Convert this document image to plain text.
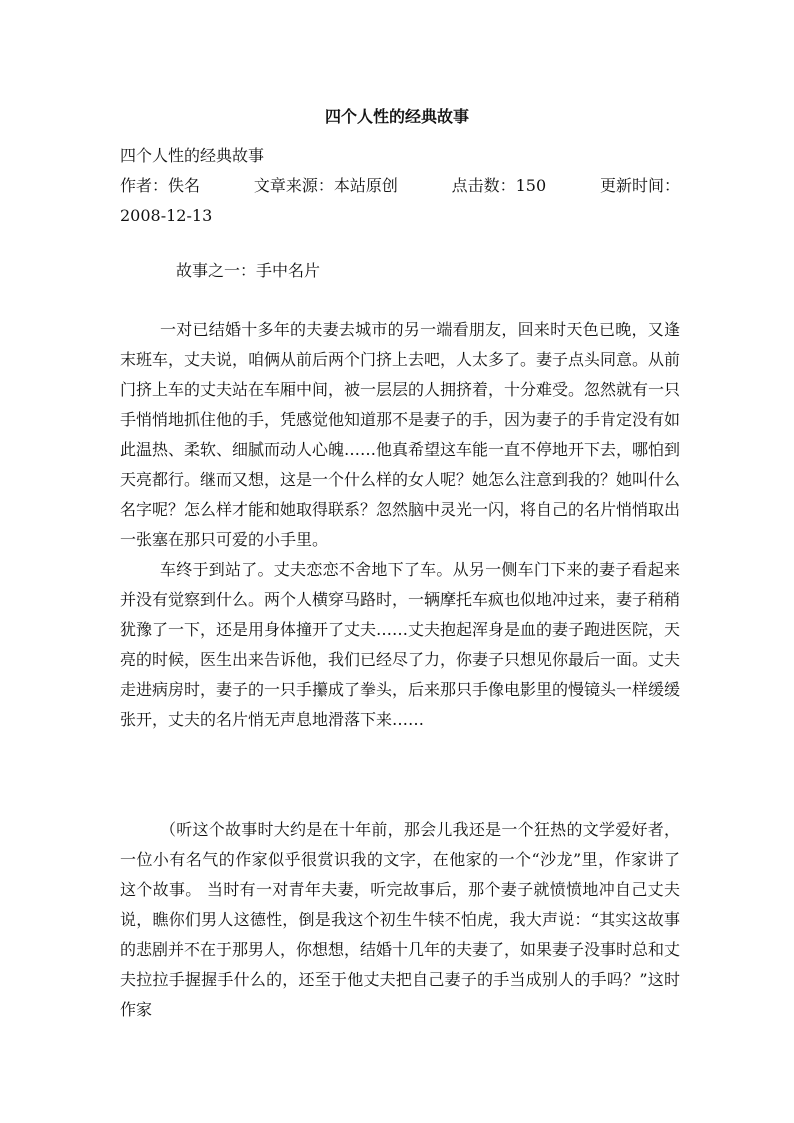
四个人性的经典故事
四个人性的经典故事
作者：佚名	文章来源：本站原创	点击数：150	更新时间：
2008-12-13
故事之一：手中名片

一对已结婚十多年的夫妻去城市的另一端看朋友，回来时天色已晚，又逢末班车，丈夫说，咱俩从前后两个门挤上去吧，人太多了。妻子点头同意。从前门挤上车的丈夫站在车厢中间，被一层层的人拥挤着，十分难受。忽然就有一只手悄悄地抓住他的手，凭感觉他知道那不是妻子的手，因为妻子的手肯定没有如此温热、柔软、细腻而动人心魄……他真希望这车能一直不停地开下去，哪怕到天亮都行。继而又想，这是一个什么样的女人呢？她怎么注意到我的？她叫什么名字呢？怎么样才能和她取得联系？忽然脑中灵光一闪，将自己的名片悄悄取出一张塞在那只可爱的小手里。

车终于到站了。丈夫恋恋不舍地下了车。从另一侧车门下来的妻子看起来并没有觉察到什么。两个人横穿马路时，一辆摩托车疯也似地冲过来，妻子稍稍犹豫了一下，还是用身体撞开了丈夫……丈夫抱起浑身是血的妻子跑进医院，天亮的时候，医生出来告诉他，我们已经尽了力，你妻子只想见你最后一面。丈夫走进病房时，妻子的一只手攥成了拳头，后来那只手像电影里的慢镜头一样缓缓张开，丈夫的名片悄无声息地滑落下来……

（听这个故事时大约是在十年前，那会儿我还是一个狂热的文学爱好者，一位小有名气的作家似乎很赏识我的文字，在他家的一个“沙龙”里，作家讲了这个故事。 当时有一对青年夫妻，听完故事后，那个妻子就愤愤地冲自己丈夫说，瞧你们男人这德性，倒是我这个初生牛犊不怕虎，我大声说：“其实这故事的悲剧并不在于那男人，你想想，结婚十几年的夫妻了，如果妻子没事时总和丈夫拉拉手握握手什么的，还至于他丈夫把自己妻子的手当成别人的手吗？”这时作家
